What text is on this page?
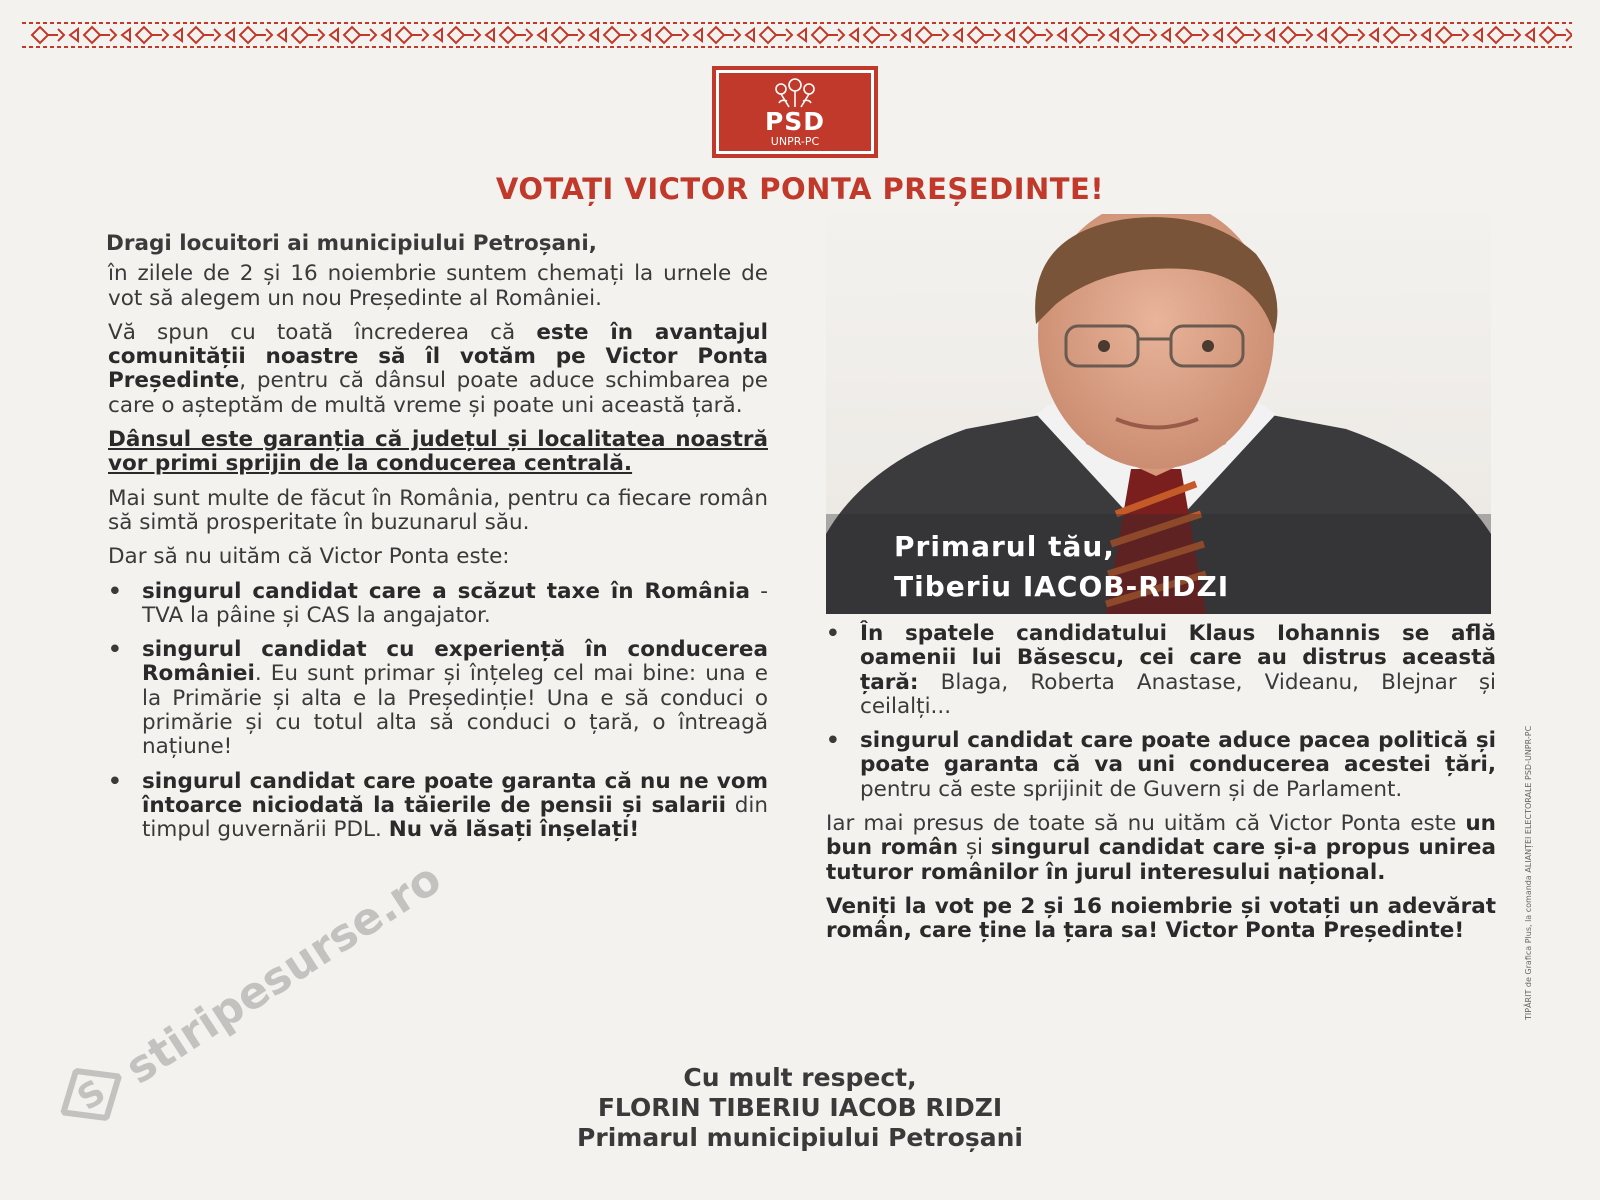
PSD
UNPR-PC
VOTAȚI VICTOR PONTA PREȘEDINTE!

Dragi locuitori ai municipiului Petroșani,

în zilele de 2 și 16 noiembrie suntem chemați la urnele de vot să alegem un nou Președinte al României.

Vă spun cu toată încrederea că este în avantajul comunității noastre să îl votăm pe Victor Ponta Președinte, pentru că dânsul poate aduce schimbarea pe care o așteptăm de multă vreme și poate uni această țară.

Dânsul este garanția că județul și localitatea noastră vor primi sprijin de la conducerea centrală.

Mai sunt multe de făcut în România, pentru ca fiecare român să simtă prosperitate în buzunarul său.

Dar să nu uităm că Victor Ponta este:

• singurul candidat care a scăzut taxe în România - TVA la pâine și CAS la angajator.
• singurul candidat cu experiență în conducerea României. Eu sunt primar și înțeleg cel mai bine: una e la Primărie și alta e la Președinție! Una e să conduci o primărie și cu totul alta să conduci o țară, o întreagă națiune!
• singurul candidat care poate garanta că nu ne vom întoarce niciodată la tăierile de pensii și salarii din timpul guvernării PDL. Nu vă lăsați înșelați!
Primarul tău,
Tiberiu IACOB-RIDZI
• În spatele candidatului Klaus Iohannis se află oamenii lui Băsescu, cei care au distrus această țară: Blaga, Roberta Anastase, Videanu, Blejnar și ceilalți...
• singurul candidat care poate aduce pacea politică și poate garanta că va uni conducerea acestei țări, pentru că este sprijinit de Guvern și de Parlament.

Iar mai presus de toate să nu uităm că Victor Ponta este un bun român și singurul candidat care și-a propus unirea tuturor românilor în jurul interesului național.

Veniți la vot pe 2 și 16 noiembrie și votați un adevărat român, care ține la țara sa! Victor Ponta Președinte!

Cu mult respect,
FLORIN TIBERIU IACOB RIDZI
Primarul municipiului Petroșani
TIPĂRIT de Grafica Plus, la comanda ALIANȚEI ELECTORALE PSD-UNPR-PC
S
stiripesurse.ro
